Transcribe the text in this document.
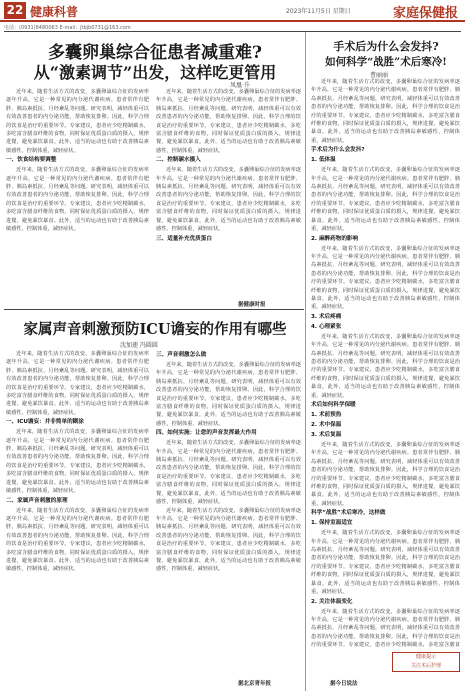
22 健康科普	2023年11月5日 星期日	家庭保健报
电话：(0931)8480063 E-mail：jtbjb0731@163.com
多囊卵巢综合征患者减重难?
从“激素调节”出发，这样吃更管用
凤凰·升

近年来，随着生活方式的改变，多囊卵巢综合征的发病率逐年升高，它是一种常见的内分泌代谢疾病。患者常伴有肥胖、胰岛素抵抗、月经紊乱等问题。研究表明，减轻体重可以有效改善患者的内分泌功能，帮助恢复排卵。因此，科学合理的饮食是治疗的重要环节。专家建议，患者应少吃精制碳水，多吃富含膳食纤维的食物，同时保证优质蛋白质的摄入，规律进餐，避免暴饮暴食。此外，适当的运动也有助于改善胰岛素敏感性，控制体重，减轻症状。

一、饮食结构要调整

近年来，随着生活方式的改变，多囊卵巢综合征的发病率逐年升高，它是一种常见的内分泌代谢疾病。患者常伴有肥胖、胰岛素抵抗、月经紊乱等问题。研究表明，减轻体重可以有效改善患者的内分泌功能，帮助恢复排卵。因此，科学合理的饮食是治疗的重要环节。专家建议，患者应少吃精制碳水，多吃富含膳食纤维的食物，同时保证优质蛋白质的摄入，规律进餐，避免暴饮暴食。此外，适当的运动也有助于改善胰岛素敏感性，控制体重，减轻症状。

近年来，随着生活方式的改变，多囊卵巢综合征的发病率逐年升高，它是一种常见的内分泌代谢疾病。患者常伴有肥胖、胰岛素抵抗、月经紊乱等问题。研究表明，减轻体重可以有效改善患者的内分泌功能，帮助恢复排卵。因此，科学合理的饮食是治疗的重要环节。专家建议，患者应少吃精制碳水，多吃富含膳食纤维的食物，同时保证优质蛋白质的摄入，规律进餐，避免暴饮暴食。此外，适当的运动也有助于改善胰岛素敏感性，控制体重，减轻症状。

二、控制碳水摄入

近年来，随着生活方式的改变，多囊卵巢综合征的发病率逐年升高，它是一种常见的内分泌代谢疾病。患者常伴有肥胖、胰岛素抵抗、月经紊乱等问题。研究表明，减轻体重可以有效改善患者的内分泌功能，帮助恢复排卵。因此，科学合理的饮食是治疗的重要环节。专家建议，患者应少吃精制碳水，多吃富含膳食纤维的食物，同时保证优质蛋白质的摄入，规律进餐，避免暴饮暴食。此外，适当的运动也有助于改善胰岛素敏感性，控制体重，减轻症状。

三、适量补充优质蛋白

据健康时报
家属声音刺激预防ICU谵妄的作用有哪些
沈加莲 冯圆圆

近年来，随着生活方式的改变，多囊卵巢综合征的发病率逐年升高，它是一种常见的内分泌代谢疾病。患者常伴有肥胖、胰岛素抵抗、月经紊乱等问题。研究表明，减轻体重可以有效改善患者的内分泌功能，帮助恢复排卵。因此，科学合理的饮食是治疗的重要环节。专家建议，患者应少吃精制碳水，多吃富含膳食纤维的食物，同时保证优质蛋白质的摄入，规律进餐，避免暴饮暴食。此外，适当的运动也有助于改善胰岛素敏感性，控制体重，减轻症状。

一、ICU谵妄：并非简单的糊涂

近年来，随着生活方式的改变，多囊卵巢综合征的发病率逐年升高，它是一种常见的内分泌代谢疾病。患者常伴有肥胖、胰岛素抵抗、月经紊乱等问题。研究表明，减轻体重可以有效改善患者的内分泌功能，帮助恢复排卵。因此，科学合理的饮食是治疗的重要环节。专家建议，患者应少吃精制碳水，多吃富含膳食纤维的食物，同时保证优质蛋白质的摄入，规律进餐，避免暴饮暴食。此外，适当的运动也有助于改善胰岛素敏感性，控制体重，减轻症状。

二、家属声音刺激的原理

近年来，随着生活方式的改变，多囊卵巢综合征的发病率逐年升高，它是一种常见的内分泌代谢疾病。患者常伴有肥胖、胰岛素抵抗、月经紊乱等问题。研究表明，减轻体重可以有效改善患者的内分泌功能，帮助恢复排卵。因此，科学合理的饮食是治疗的重要环节。专家建议，患者应少吃精制碳水，多吃富含膳食纤维的食物，同时保证优质蛋白质的摄入，规律进餐，避免暴饮暴食。此外，适当的运动也有助于改善胰岛素敏感性，控制体重，减轻症状。

三、声音刺激怎么做

近年来，随着生活方式的改变，多囊卵巢综合征的发病率逐年升高，它是一种常见的内分泌代谢疾病。患者常伴有肥胖、胰岛素抵抗、月经紊乱等问题。研究表明，减轻体重可以有效改善患者的内分泌功能，帮助恢复排卵。因此，科学合理的饮食是治疗的重要环节。专家建议，患者应少吃精制碳水，多吃富含膳食纤维的食物，同时保证优质蛋白质的摄入，规律进餐，避免暴饮暴食。此外，适当的运动也有助于改善胰岛素敏感性，控制体重，减轻症状。

四、如何实施：让您的声音发挥最大作用

近年来，随着生活方式的改变，多囊卵巢综合征的发病率逐年升高，它是一种常见的内分泌代谢疾病。患者常伴有肥胖、胰岛素抵抗、月经紊乱等问题。研究表明，减轻体重可以有效改善患者的内分泌功能，帮助恢复排卵。因此，科学合理的饮食是治疗的重要环节。专家建议，患者应少吃精制碳水，多吃富含膳食纤维的食物，同时保证优质蛋白质的摄入，规律进餐，避免暴饮暴食。此外，适当的运动也有助于改善胰岛素敏感性，控制体重，减轻症状。

近年来，随着生活方式的改变，多囊卵巢综合征的发病率逐年升高，它是一种常见的内分泌代谢疾病。患者常伴有肥胖、胰岛素抵抗、月经紊乱等问题。研究表明，减轻体重可以有效改善患者的内分泌功能，帮助恢复排卵。因此，科学合理的饮食是治疗的重要环节。专家建议，患者应少吃精制碳水，多吃富含膳食纤维的食物，同时保证优质蛋白质的摄入，规律进餐，避免暴饮暴食。此外，适当的运动也有助于改善胰岛素敏感性，控制体重，减轻症状。

据北京青年报
手术后为什么会发抖?
如何科学“战胜”术后寒冷!
曹丽丽

近年来，随着生活方式的改变，多囊卵巢综合征的发病率逐年升高，它是一种常见的内分泌代谢疾病。患者常伴有肥胖、胰岛素抵抗、月经紊乱等问题。研究表明，减轻体重可以有效改善患者的内分泌功能，帮助恢复排卵。因此，科学合理的饮食是治疗的重要环节。专家建议，患者应少吃精制碳水，多吃富含膳食纤维的食物，同时保证优质蛋白质的摄入，规律进餐，避免暴饮暴食。此外，适当的运动也有助于改善胰岛素敏感性，控制体重，减轻症状。

手术后为什么会发抖?

1. 低体温

近年来，随着生活方式的改变，多囊卵巢综合征的发病率逐年升高，它是一种常见的内分泌代谢疾病。患者常伴有肥胖、胰岛素抵抗、月经紊乱等问题。研究表明，减轻体重可以有效改善患者的内分泌功能，帮助恢复排卵。因此，科学合理的饮食是治疗的重要环节。专家建议，患者应少吃精制碳水，多吃富含膳食纤维的食物，同时保证优质蛋白质的摄入，规律进餐，避免暴饮暴食。此外，适当的运动也有助于改善胰岛素敏感性，控制体重，减轻症状。

2. 麻醉药物的影响

近年来，随着生活方式的改变，多囊卵巢综合征的发病率逐年升高，它是一种常见的内分泌代谢疾病。患者常伴有肥胖、胰岛素抵抗、月经紊乱等问题。研究表明，减轻体重可以有效改善患者的内分泌功能，帮助恢复排卵。因此，科学合理的饮食是治疗的重要环节。专家建议，患者应少吃精制碳水，多吃富含膳食纤维的食物，同时保证优质蛋白质的摄入，规律进餐，避免暴饮暴食。此外，适当的运动也有助于改善胰岛素敏感性，控制体重，减轻症状。

3. 术后疼痛

4. 心理紧张

近年来，随着生活方式的改变，多囊卵巢综合征的发病率逐年升高，它是一种常见的内分泌代谢疾病。患者常伴有肥胖、胰岛素抵抗、月经紊乱等问题。研究表明，减轻体重可以有效改善患者的内分泌功能，帮助恢复排卵。因此，科学合理的饮食是治疗的重要环节。专家建议，患者应少吃精制碳水，多吃富含膳食纤维的食物，同时保证优质蛋白质的摄入，规律进餐，避免暴饮暴食。此外，适当的运动也有助于改善胰岛素敏感性，控制体重，减轻症状。

术后如何科学保暖

1. 术前预热

2. 术中保温

3. 术后复温

近年来，随着生活方式的改变，多囊卵巢综合征的发病率逐年升高，它是一种常见的内分泌代谢疾病。患者常伴有肥胖、胰岛素抵抗、月经紊乱等问题。研究表明，减轻体重可以有效改善患者的内分泌功能，帮助恢复排卵。因此，科学合理的饮食是治疗的重要环节。专家建议，患者应少吃精制碳水，多吃富含膳食纤维的食物，同时保证优质蛋白质的摄入，规律进餐，避免暴饮暴食。此外，适当的运动也有助于改善胰岛素敏感性，控制体重，减轻症状。

科学“战胜”术后寒冷，这样做

1. 保持室温适宜

近年来，随着生活方式的改变，多囊卵巢综合征的发病率逐年升高，它是一种常见的内分泌代谢疾病。患者常伴有肥胖、胰岛素抵抗、月经紊乱等问题。研究表明，减轻体重可以有效改善患者的内分泌功能，帮助恢复排卵。因此，科学合理的饮食是治疗的重要环节。专家建议，患者应少吃精制碳水，多吃富含膳食纤维的食物，同时保证优质蛋白质的摄入，规律进餐，避免暴饮暴食。此外，适当的运动也有助于改善胰岛素敏感性，控制体重，减轻症状。

2. 关注体温变化

近年来，随着生活方式的改变，多囊卵巢综合征的发病率逐年升高，它是一种常见的内分泌代谢疾病。患者常伴有肥胖、胰岛素抵抗、月经紊乱等问题。研究表明，减轻体重可以有效改善患者的内分泌功能，帮助恢复排卵。因此，科学合理的饮食是治疗的重要环节。专家建议，患者应少吃精制碳水，多吃富含膳食

据今日说法
健康提示
关注术后护理
